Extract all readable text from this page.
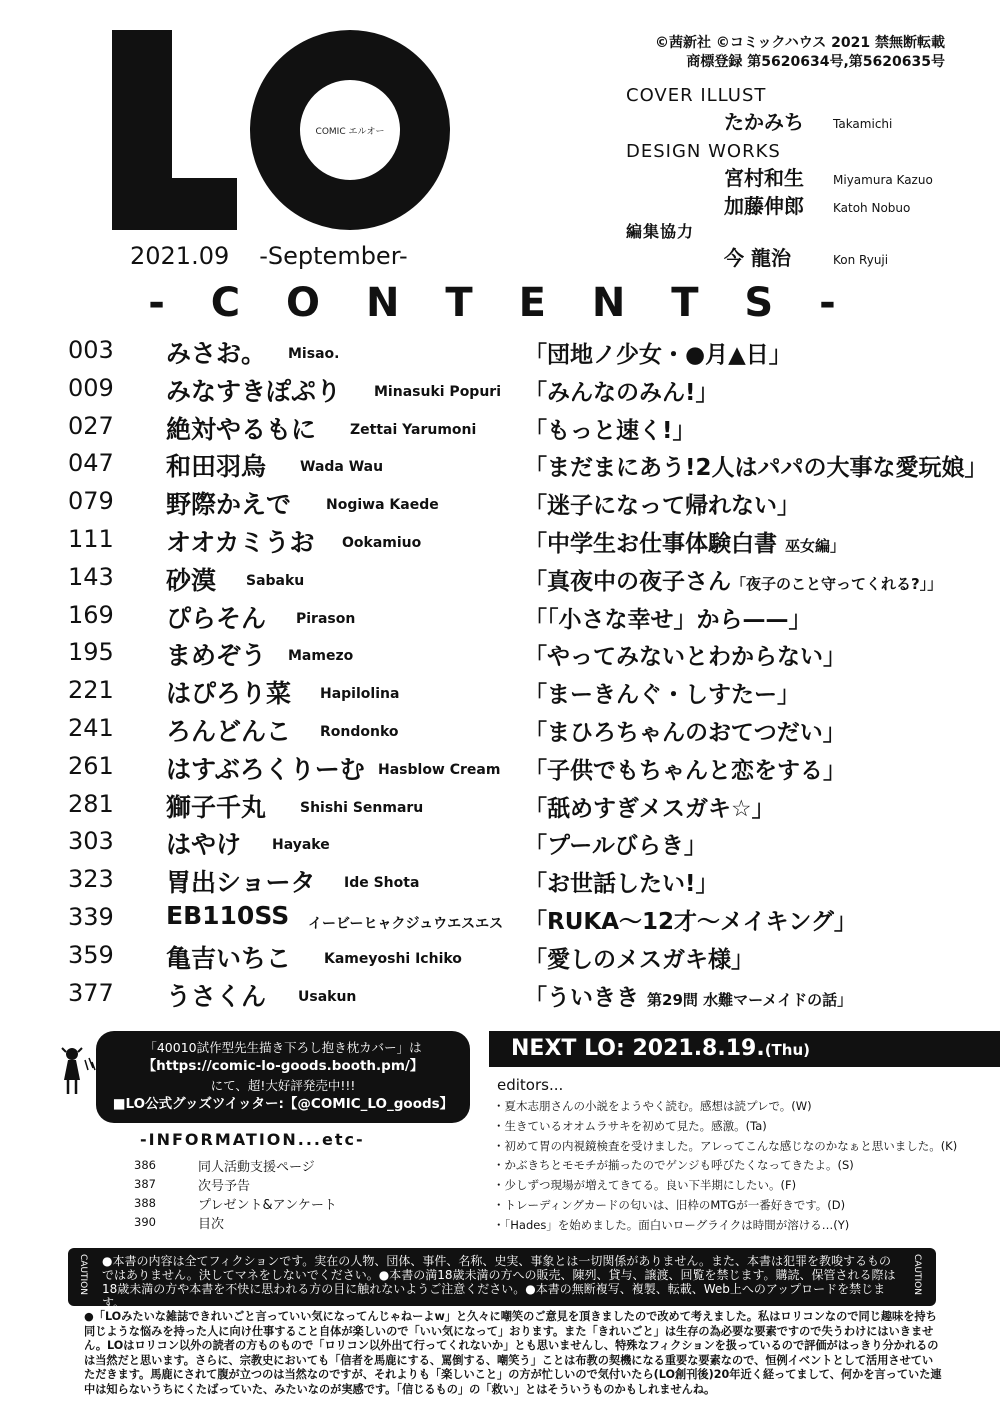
COMIC エルオー
2021.09 -September-
©茜新社 ©コミックハウス 2021 禁無断転載
商標登録 第5620634号,第5620635号
COVER ILLUST
たかみち Takamichi
DESIGN WORKS
宮村和生 Miyamura Kazuo
加藤伸郎 Katoh Nobuo
編集協力
今 龍治	Kon Ryuji
- C O N T E N T S -
003	みさお。 Misao.	「団地ノ少女・●月▲日」
009	みなすきぽぷり Minasuki Popuri 「みんなのみん!」
027	絶対やるもに Zettai Yarumoni 「もっと速く!」
047	和田羽烏 Wada Wau	「まだまにあう!2人はパパの大事な愛玩娘」
079	野際かえで Nogiwa Kaede	「迷子になって帰れない」
111	オオカミうお Ookamiuo	「中学生お仕事体験白書 巫女編」
143	砂漠 Sabaku	「真夜中の夜子さん「夜子のこと守ってくれる?」」
169	ぴらそん Pirason	「「小さな幸せ」から——」
195	まめぞう Mamezo	「やってみないとわからない」
221	はぴろり菜 Hapilolina	「まーきんぐ・しすたー」
241	ろんどんこ Rondonko	「まひろちゃんのおてつだい」
261	はすぶろくりーむ Hasblow Cream 「子供でもちゃんと恋をする」
281	獅子千丸 Shishi Senmaru	「舐めすぎメスガキ☆」
303	はやけ Hayake	「プールびらき」
323	胃出ショータ Ide Shota	「お世話したい!」
339	EB110SS イービーヒャクジュウエスエス 「RUKA〜12才〜メイキング」
359	亀吉いちこ Kameyoshi Ichiko	「愛しのメスガキ様」
377	うさくん Usakun	「ういきき 第29問 水難マーメイドの話」
「40010試作型先生描き下ろし抱き枕カバー」は
【https://comic-lo-goods.booth.pm/】
にて、超!大好評発売中!!!
■LO公式グッズツイッター:【@COMIC_LO_goods】
-INFORMATION...etc-
386	同人活動支援ページ
387	次号予告
388	プレゼント&アンケート
390	目次
NEXT LO: 2021.8.19.(Thu)
editors...
・夏木志朋さんの小説をようやく読む。感想は読プレで。(W)
・生きているオオムラサキを初めて見た。感激。(Ta)
・初めて胃の内視鏡検査を受けました。アレってこんな感じなのかなぁと思いました。(K)
・かぶきちとモモチが揃ったのでゲンジも呼びたくなってきたよ。(S)
・少しずつ現場が増えてきてる。良い下半期にしたい。(F)
・トレーディングカードの匂いは、旧枠のMTGが一番好きです。(D)
・「Hades」を始めました。面白いローグライクは時間が溶ける…(Y)
CAUTION ●本書の内容は全てフィクションです。実在の人物、団体、事件、名称、史実、事象とは一切関係がありません。また、本書は犯罪を教唆するものではありません。決してマネをしないでください。●本書の満18歳未満の方への販売、陳列、貸与、譲渡、回覧を禁じます。購読、保管される際は18歳未満の方や本書を不快に思われる方の目に触れないようご注意ください。●本書の無断複写、複製、転載、Web上へのアップロードを禁じます。
CAUTION
●「LOみたいな雑誌できれいごと言っていい気になってんじゃねーよw」と久々に嘲笑のご意見を頂きましたので改めて考えました。私はロリコンなので同じ趣味を持ち同じような悩みを持った人に向け仕事すること自体が楽しいので「いい気になって」おります。また「きれいごと」は生存の為必要な要素ですので失うわけにはいきません。LOはロリコン以外の読者の方ものもので「ロリコン以外出て行ってくれないか」とも思いませんし、特殊なフィクションを扱っているので評価がはっきり分かれるのは当然だと思います。さらに、宗教史においても「信者を馬鹿にする、罵倒する、嘲笑う」ことは布教の契機になる重要な要素なので、恒例イベントとして活用させていただきます。馬鹿にされて腹が立つのは当然なのですが、それよりも「楽しいこと」の方が忙しいので気付いたら(LO創刊後)20年近く経ってまして、何かを言っていた連中は知らないうちにくたばっていた、みたいなのが実感です。「信じるもの」の「救い」とはそういうものかもしれませんね。
